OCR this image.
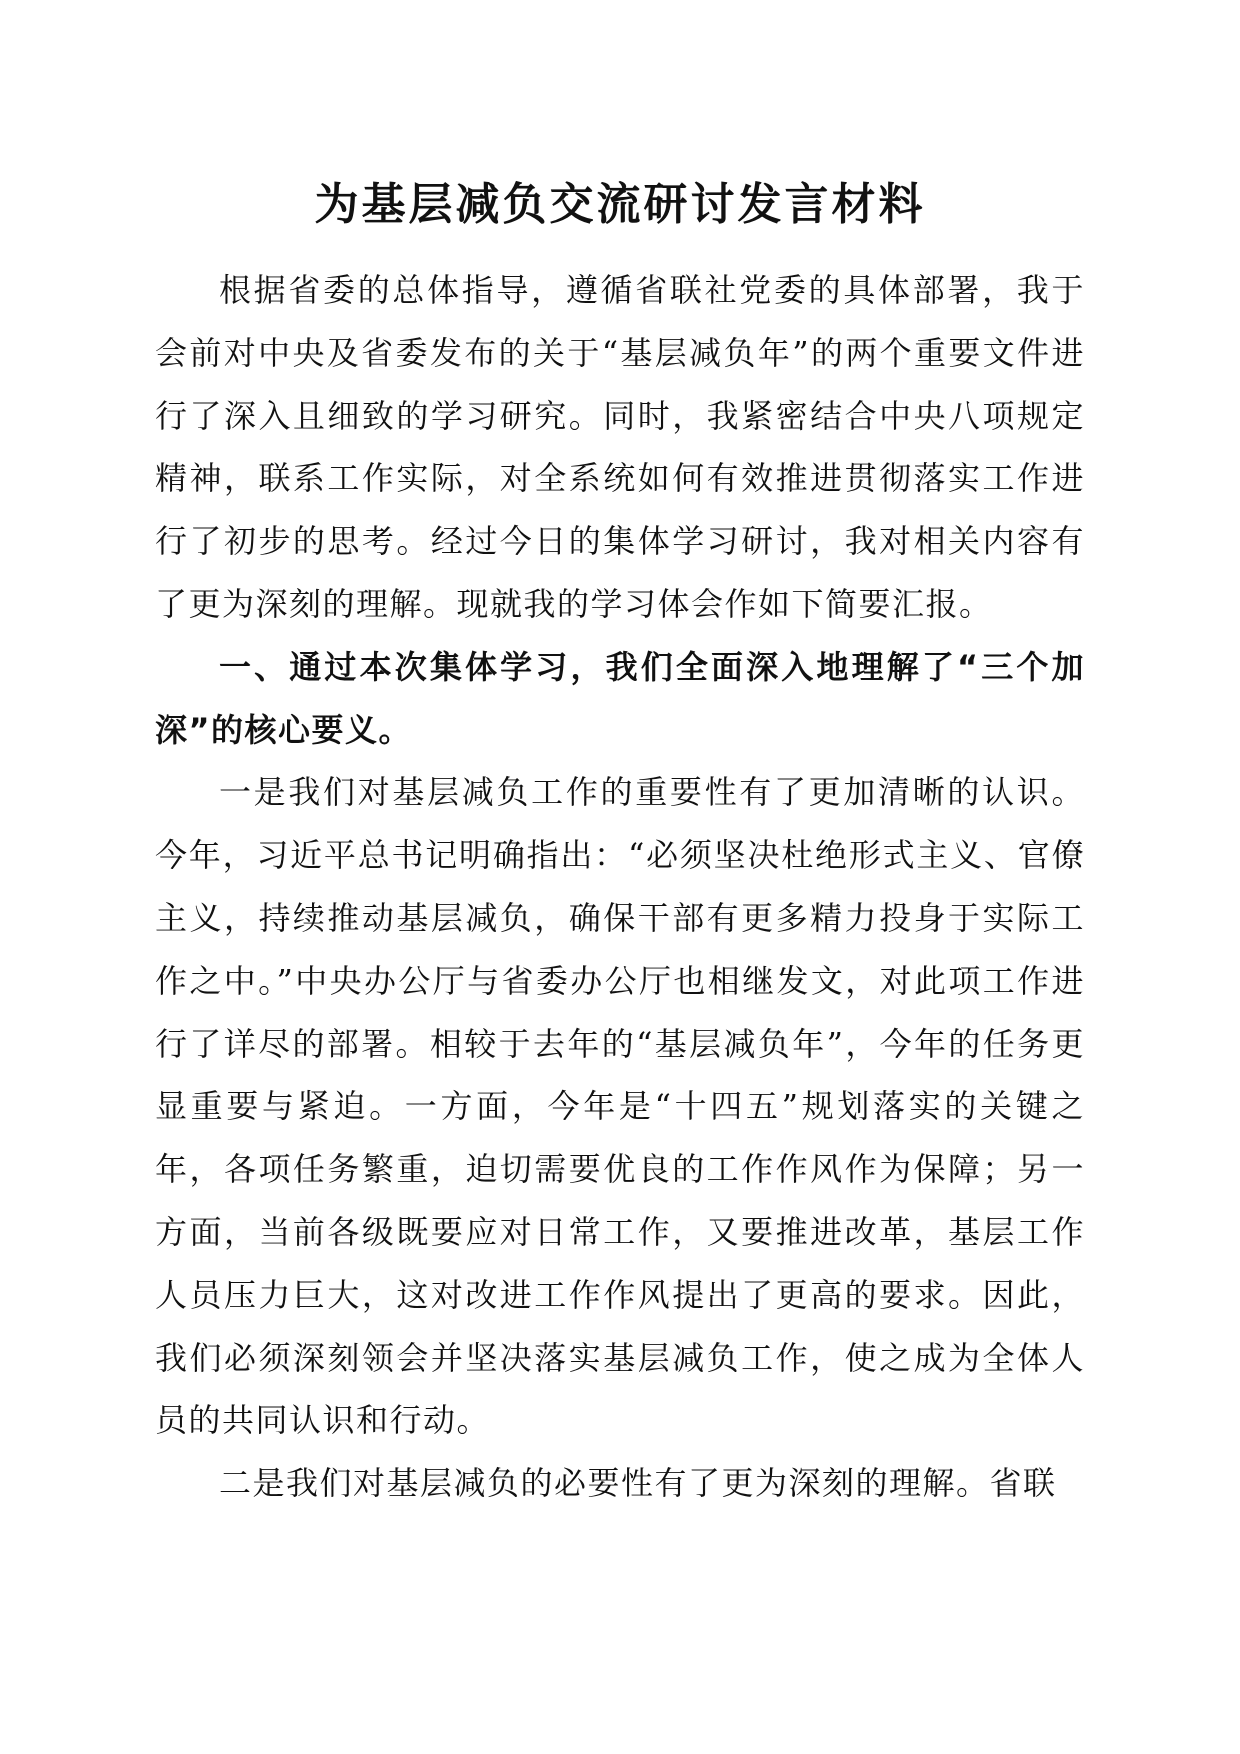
为基层减负交流研讨发言材料

根据省委的总体指导，遵循省联社党委的具体部署，我于会前对中央及省委发布的关于“基层减负年”的两个重要文件进行了深入且细致的学习研究。同时，我紧密结合中央八项规定精神，联系工作实际，对全系统如何有效推进贯彻落实工作进行了初步的思考。经过今日的集体学习研讨，我对相关内容有了更为深刻的理解。现就我的学习体会作如下简要汇报。

一、通过本次集体学习，我们全面深入地理解了“三个加深”的核心要义。

一是我们对基层减负工作的重要性有了更加清晰的认识。今年，习近平总书记明确指出：“必须坚决杜绝形式主义、官僚主义，持续推动基层减负，确保干部有更多精力投身于实际工作之中。”中央办公厅与省委办公厅也相继发文，对此项工作进行了详尽的部署。相较于去年的“基层减负年”，今年的任务更显重要与紧迫。一方面，今年是“十四五”规划落实的关键之年，各项任务繁重，迫切需要优良的工作作风作为保障；另一方面，当前各级既要应对日常工作，又要推进改革，基层工作人员压力巨大，这对改进工作作风提出了更高的要求。因此，我们必须深刻领会并坚决落实基层减负工作，使之成为全体人员的共同认识和行动。

二是我们对基层减负的必要性有了更为深刻的理解。省联
